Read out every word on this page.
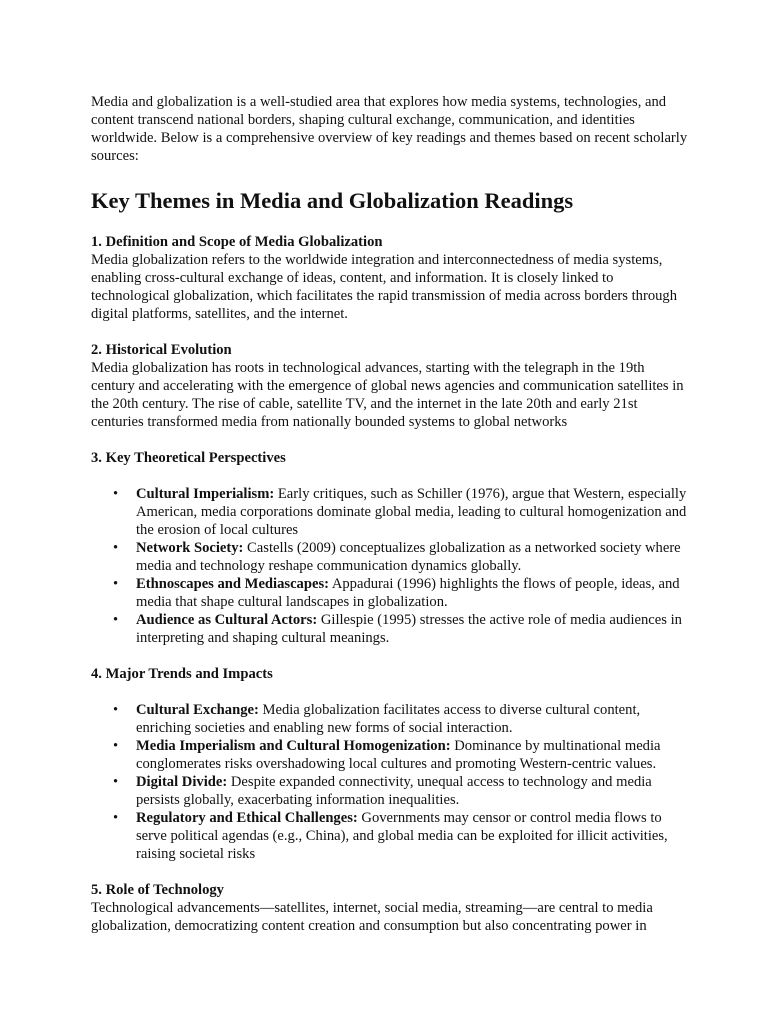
Media and globalization is a well-studied area that explores how media systems, technologies, and content transcend national borders, shaping cultural exchange, communication, and identities worldwide. Below is a comprehensive overview of key readings and themes based on recent scholarly sources:

Key Themes in Media and Globalization Readings

1. Definition and Scope of Media Globalization

Media globalization refers to the worldwide integration and interconnectedness of media systems, enabling cross-cultural exchange of ideas, content, and information. It is closely linked to technological globalization, which facilitates the rapid transmission of media across borders through digital platforms, satellites, and the internet.

2. Historical Evolution

Media globalization has roots in technological advances, starting with the telegraph in the 19th century and accelerating with the emergence of global news agencies and communication satellites in the 20th century. The rise of cable, satellite TV, and the internet in the late 20th and early 21st centuries transformed media from nationally bounded systems to global networks

3. Key Theoretical Perspectives

• Cultural Imperialism: Early critiques, such as Schiller (1976), argue that Western, especially American, media corporations dominate global media, leading to cultural homogenization and the erosion of local cultures
• Network Society: Castells (2009) conceptualizes globalization as a networked society where media and technology reshape communication dynamics globally.
• Ethnoscapes and Mediascapes: Appadurai (1996) highlights the flows of people, ideas, and media that shape cultural landscapes in globalization.
• Audience as Cultural Actors: Gillespie (1995) stresses the active role of media audiences in interpreting and shaping cultural meanings.

4. Major Trends and Impacts

• Cultural Exchange: Media globalization facilitates access to diverse cultural content, enriching societies and enabling new forms of social interaction.
• Media Imperialism and Cultural Homogenization: Dominance by multinational media conglomerates risks overshadowing local cultures and promoting Western-centric values.
• Digital Divide: Despite expanded connectivity, unequal access to technology and media persists globally, exacerbating information inequalities.
• Regulatory and Ethical Challenges: Governments may censor or control media flows to serve political agendas (e.g., China), and global media can be exploited for illicit activities, raising societal risks

5. Role of Technology

Technological advancements—satellites, internet, social media, streaming—are central to media globalization, democratizing content creation and consumption but also concentrating power in
